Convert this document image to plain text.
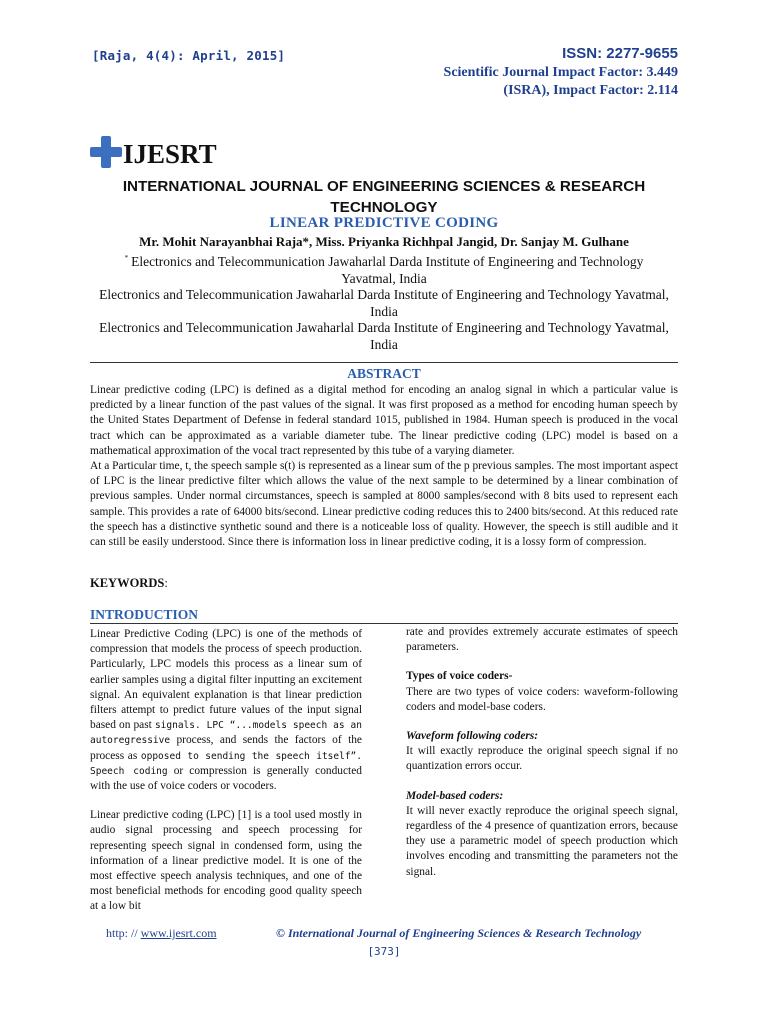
[Raja, 4(4): April, 2015]	ISSN: 2277-9655
Scientific Journal Impact Factor: 3.449
(ISRA), Impact Factor: 2.114
IJESRT
INTERNATIONAL JOURNAL OF ENGINEERING SCIENCES & RESEARCH
TECHNOLOGY
LINEAR PREDICTIVE CODING
Mr. Mohit Narayanbhai Raja*, Miss. Priyanka Richhpal Jangid, Dr. Sanjay M. Gulhane
* Electronics and Telecommunication Jawaharlal Darda Institute of Engineering and Technology
Yavatmal, India
Electronics and Telecommunication Jawaharlal Darda Institute of Engineering and Technology Yavatmal,
India
Electronics and Telecommunication Jawaharlal Darda Institute of Engineering and Technology Yavatmal,
India
ABSTRACT

Linear predictive coding (LPC) is defined as a digital method for encoding an analog signal in which a particular value is predicted by a linear function of the past values of the signal. It was first proposed as a method for encoding human speech by the United States Department of Defense in federal standard 1015, published in 1984. Human speech is produced in the vocal tract which can be approximated as a variable diameter tube. The linear predictive coding (LPC) model is based on a mathematical approximation of the vocal tract represented by this tube of a varying diameter.

At a Particular time, t, the speech sample s(t) is represented as a linear sum of the p previous samples. The most important aspect of LPC is the linear predictive filter which allows the value of the next sample to be determined by a linear combination of previous samples. Under normal circumstances, speech is sampled at 8000 samples/second with 8 bits used to represent each sample. This provides a rate of 64000 bits/second. Linear predictive coding reduces this to 2400 bits/second. At this reduced rate the speech has a distinctive synthetic sound and there is a noticeable loss of quality. However, the speech is still audible and it can still be easily understood. Since there is information loss in linear predictive coding, it is a lossy form of compression.

KEYWORDS:
INTRODUCTION

Linear Predictive Coding (LPC) is one of the methods of compression that models the process of speech production. Particularly, LPC models this process as a linear sum of earlier samples using a digital filter inputting an excitement signal. An equivalent explanation is that linear prediction filters attempt to predict future values of the input signal based on past signals. LPC “...models speech as an autoregressive process, and sends the factors of the process as opposed to sending the speech itself”. Speech coding or compression is generally conducted with the use of voice coders or vocoders.

Linear predictive coding (LPC) [1] is a tool used mostly in audio signal processing and speech processing for representing speech signal in condensed form, using the information of a linear predictive model. It is one of the most effective speech analysis techniques, and one of the most beneficial methods for encoding good quality speech at a low bit

rate and provides extremely accurate estimates of speech parameters.

Types of voice coders-

There are two types of voice coders: waveform-following coders and model-base coders.

Waveform following coders:

It will exactly reproduce the original speech signal if no quantization errors occur.

Model-based coders:

It will never exactly reproduce the original speech signal, regardless of the 4 presence of quantization errors, because they use a parametric model of speech production which involves encoding and transmitting the parameters not the signal.

http: // www.ijesrt.com	© International Journal of Engineering Sciences & Research Technology
[373]
